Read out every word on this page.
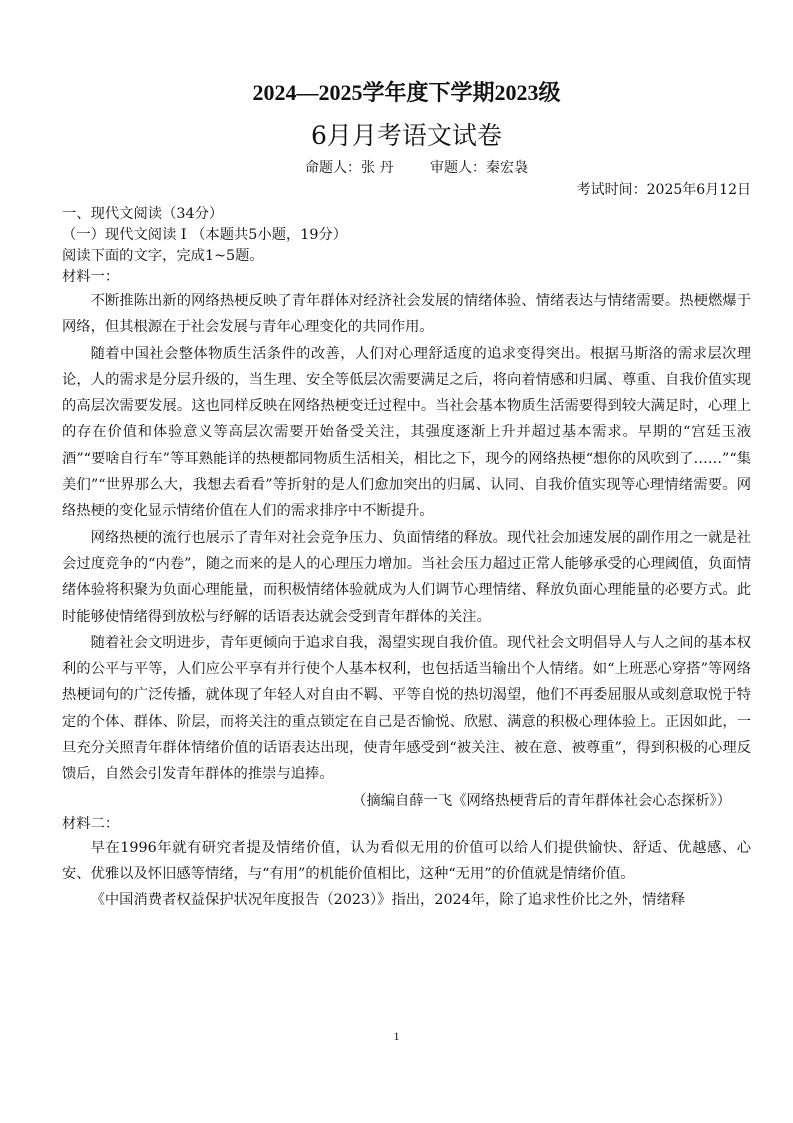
2024—2025学年度下学期2023级
6月月考语文试卷
命题人：张 丹	审题人：秦宏袅
考试时间：2025年6月12日

一、现代文阅读（34分）

（一）现代文阅读 I （本题共5小题，19分）

阅读下面的文字，完成1~5题。

材料一：

不断推陈出新的网络热梗反映了青年群体对经济社会发展的情绪体验、情绪表达与情绪需要。热梗燃爆于网络，但其根源在于社会发展与青年心理变化的共同作用。

随着中国社会整体物质生活条件的改善，人们对心理舒适度的追求变得突出。根据马斯洛的需求层次理论，人的需求是分层升级的，当生理、安全等低层次需要满足之后，将向着情感和归属、尊重、自我价值实现的高层次需要发展。这也同样反映在网络热梗变迁过程中。当社会基本物质生活需要得到较大满足时，心理上的存在价值和体验意义等高层次需要开始备受关注，其强度逐渐上升并超过基本需求。早期的“宫廷玉液酒”“要啥自行车”等耳熟能详的热梗都同物质生活相关，相比之下，现今的网络热梗“想你的风吹到了……”“集美们”“世界那么大，我想去看看”等折射的是人们愈加突出的归属、认同、自我价值实现等心理情绪需要。网络热梗的变化显示情绪价值在人们的需求排序中不断提升。

网络热梗的流行也展示了青年对社会竞争压力、负面情绪的释放。现代社会加速发展的副作用之一就是社会过度竞争的“内卷”，随之而来的是人的心理压力增加。当社会压力超过正常人能够承受的心理阈值，负面情绪体验将积聚为负面心理能量，而积极情绪体验就成为人们调节心理情绪、释放负面心理能量的必要方式。此时能够使情绪得到放松与纾解的话语表达就会受到青年群体的关注。

随着社会文明进步，青年更倾向于追求自我，渴望实现自我价值。现代社会文明倡导人与人之间的基本权利的公平与平等，人们应公平享有并行使个人基本权利，也包括适当输出个人情绪。如“上班恶心穿搭”等网络热梗词句的广泛传播，就体现了年轻人对自由不羁、平等自悦的热切渴望，他们不再委屈服从或刻意取悦于特定的个体、群体、阶层，而将关注的重点锁定在自己是否愉悦、欣慰、满意的积极心理体验上。正因如此，一旦充分关照青年群体情绪价值的话语表达出现，使青年感受到“被关注、被在意、被尊重”，得到积极的心理反馈后，自然会引发青年群体的推崇与追捧。

（摘编自薛一飞《网络热梗背后的青年群体社会心态探析》）

材料二：

早在1996年就有研究者提及情绪价值，认为看似无用的价值可以给人们提供愉快、舒适、优越感、心安、优雅以及怀旧感等情绪，与“有用”的机能价值相比，这种“无用”的价值就是情绪价值。

《中国消费者权益保护状况年度报告（2023）》指出，2024年，除了追求性价比之外，情绪释

1
